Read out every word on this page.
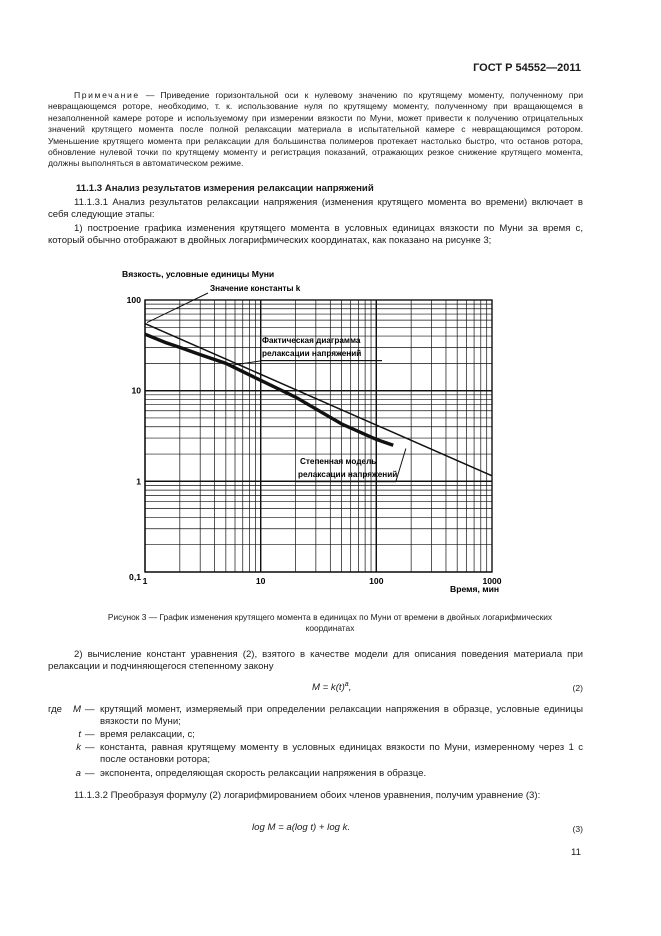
ГОСТ Р 54552—2011
Примечание — Приведение горизонтальной оси к нулевому значению по крутящему моменту, полученному при невращающемся роторе, необходимо, т. к. использование нуля по крутящему моменту, полученному при вращающемся в незаполненной камере роторе и используемому при измерении вязкости по Муни, может привести к получению отрицательных значений крутящего момента после полной релаксации материала в испытательной камере с невращающимся ротором. Уменьшение крутящего момента при релаксации для большинства полимеров протекает настолько быстро, что останов ротора, обновление нулевой точки по крутящему моменту и регистрация показаний, отражающих резкое снижение крутящего момента, должны выполняться в автоматическом режиме.
11.1.3 Анализ результатов измерения релаксации напряжений
11.1.3.1 Анализ результатов релаксации напряжения (изменения крутящего момента во времени) включает в себя следующие этапы:
1) построение графика изменения крутящего момента в условных единицах вязкости по Муни за время с, который обычно отображают в двойных логарифмических координатах, как показано на рисунке 3;
1	10	100	1000
0,1
1
10
100
Вязкость, условные единицы Муни
Время, мин
Значение константы k
Фактическая диаграмма
релаксации напряжений
Степенная модель
релаксации напряжений
Рисунок 3 — График изменения крутящего момента в единицах по Муни от времени в двойных логарифмических
координатах
2) вычисление констант уравнения (2), взятого в качестве модели для описания поведения материала при релаксации и подчиняющегося степенному закону
$M = k(t)^a$,	(2)
где	M — крутящий момент, измеряемый при определении релаксации напряжения в образце, условные единицы вязкости по Муни;
t — время релаксации, с;
k — константа, равная крутящему моменту в условных единицах вязкости по Муни, измеренному через 1 с после остановки ротора;
a — экспонента, определяющая скорость релаксации напряжения в образце.
11.1.3.2 Преобразуя формулу (2) логарифмированием обоих членов уравнения, получим уравнение (3):
log M = a(log t) + log k.	(3)
11
